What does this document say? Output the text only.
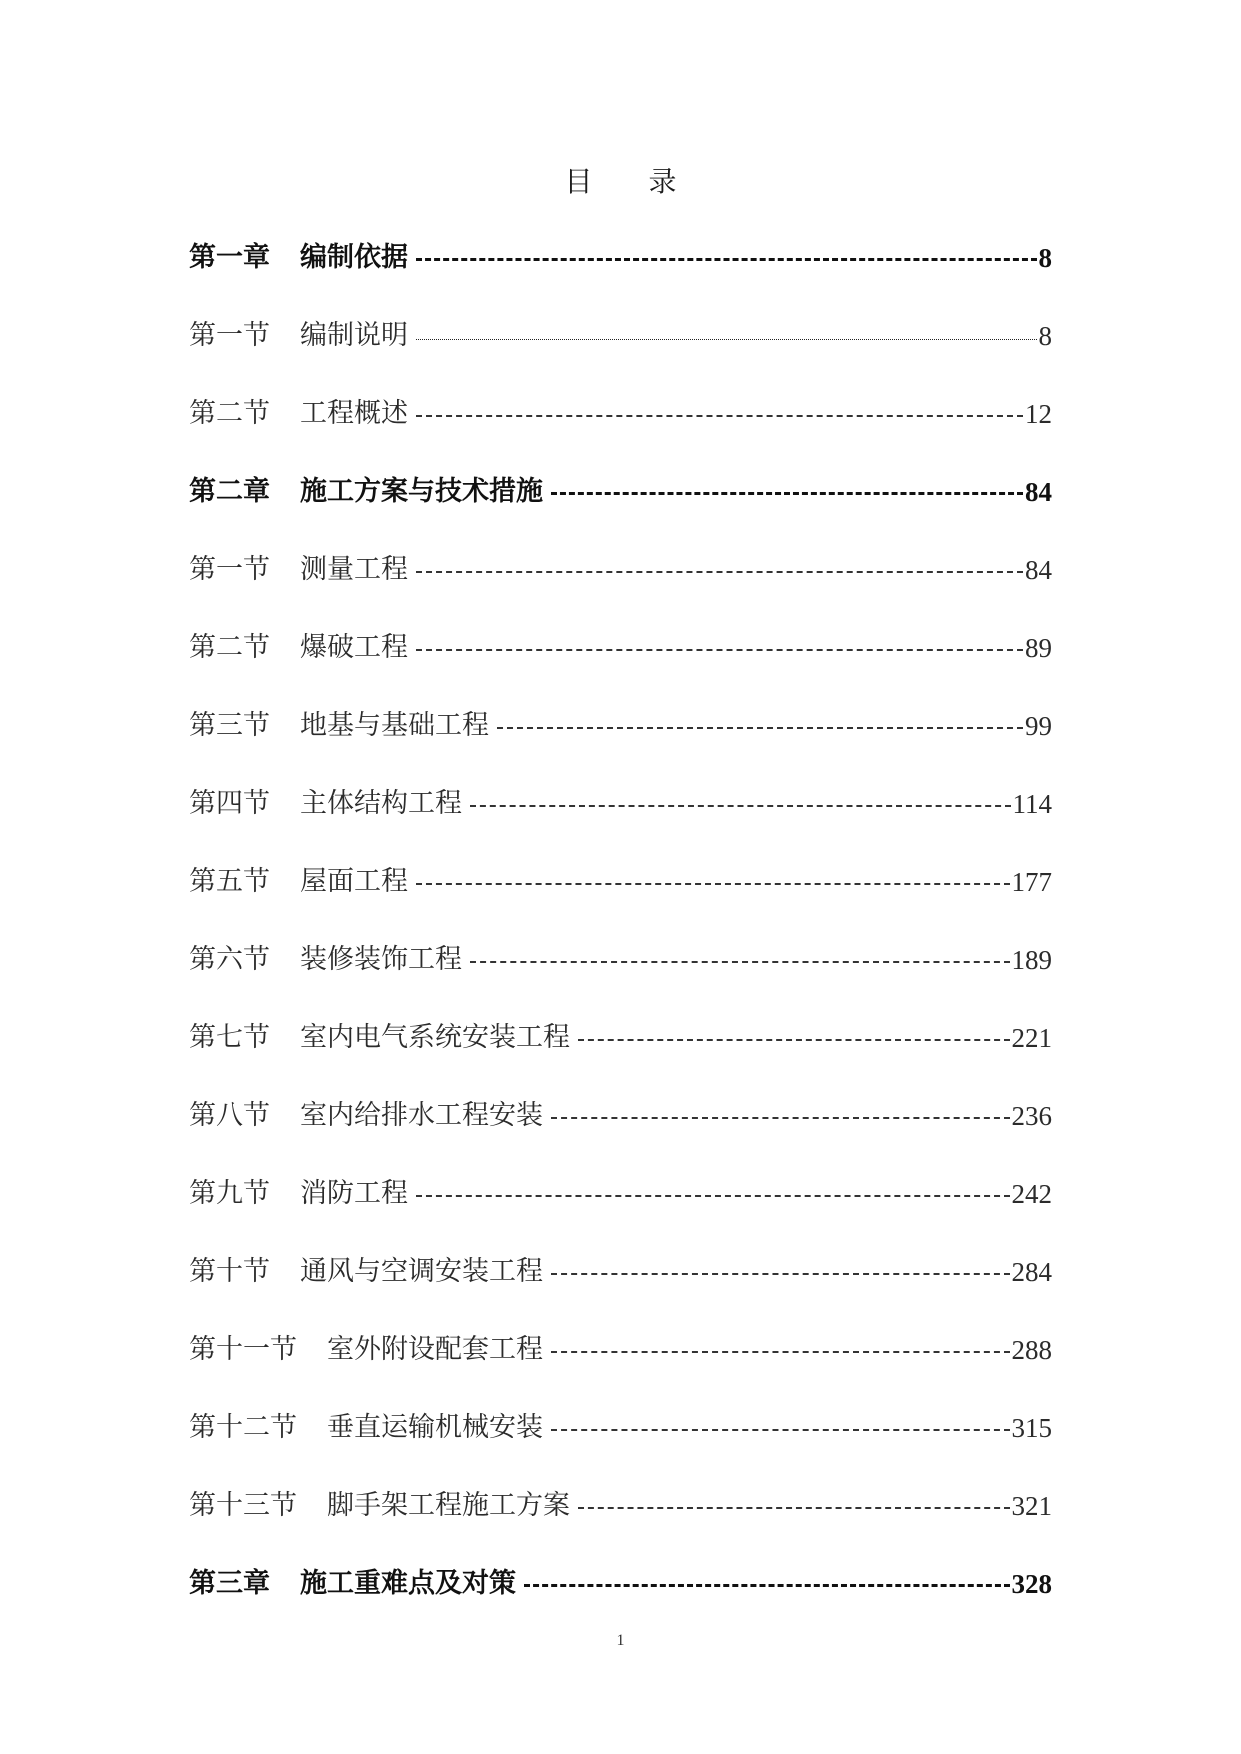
目 录
第一章 编制依据	8
第一节 编制说明	8
第二节 工程概述	12
第二章 施工方案与技术措施	84
第一节 测量工程	84
第二节 爆破工程	89
第三节 地基与基础工程	99
第四节 主体结构工程	114
第五节 屋面工程	177
第六节 装修装饰工程	189
第七节 室内电气系统安装工程	221
第八节 室内给排水工程安装	236
第九节 消防工程	242
第十节 通风与空调安装工程	284
第十一节 室外附设配套工程	288
第十二节 垂直运输机械安装	315
第十三节 脚手架工程施工方案	321
第三章 施工重难点及对策	328
1
